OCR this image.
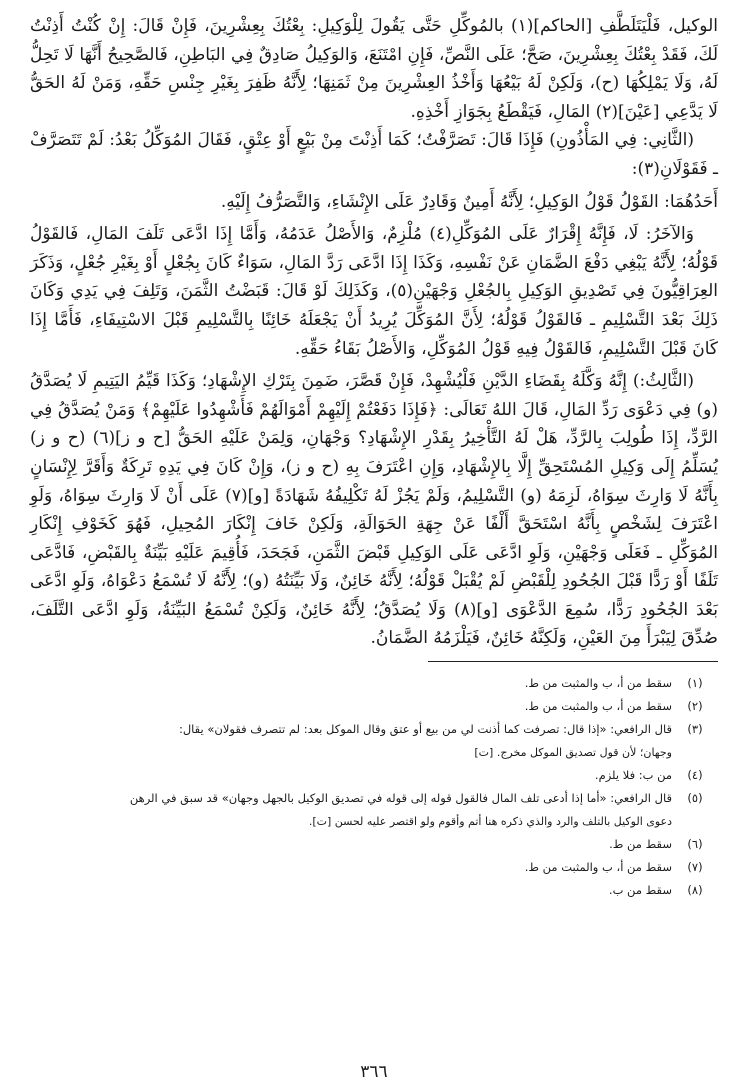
الوكيل، فَلْيَتَلَطَّفِ [الحاكم](١) بالمُوكِّلِ حَتَّى يَقُولَ لِلْوَكِيلِ: بِعْتُكَ بِعِشْرِينَ، فَإِنْ قَالَ: إِنْ كُنْتُ أَذِنْتُ لَكَ، فَقَدْ بِعْتُكَ بِعِشْرِينَ، صَحَّ؛ عَلَى النَّصِّ، فَإِنِ امْتَنَعَ، وَالوَكِيلُ صَادِقٌ فِي البَاطِنِ، فَالصَّحِيحُ أَنَّهَا لَا تَحِلُّ لَهُ، وَلَا يَمْلِكُهَا (ح)، وَلَكِنْ لَهُ بَيْعُهَا وَأَخْذُ العِشْرِينَ مِنْ ثَمَنِهَا؛ لِأَنَّهُ ظَفِرَ بِغَيْرِ جِنْسِ حَقِّهِ، وَمَنْ لَهُ الحَقُّ لَا يَدَّعِي [عَيْنَ](٢) المَالِ، فَيَقْطَعُ بِجَوَازِ أَخْذِهِ.

(الثَّانِي: فِي المَأْذُونِ) فَإِذَا قَالَ: تَصَرَّفْتُ؛ كَمَا أَذِنْتَ مِنْ بَيْعٍ أَوْ عِتْقٍ، فَقَالَ المُوَكِّلُ بَعْدُ: لَمْ تَتَصَرَّفْ ـ فَقَوْلَانِ(٣):

أَحَدُهُمَا: القَوْلُ قَوْلُ الوَكِيلِ؛ لِأَنَّهُ أَمِينٌ وَقَادِرٌ عَلَى الإِنْشَاءِ، وَالتَّصَرُّفُ إِلَيْهِ.

وَالآخَرُ: لَا، فَإِنَّهُ إِقْرَارٌ عَلَى المُوَكِّلِ(٤) مُلْزِمٌ، وَالأَصْلُ عَدَمُهُ، وَأَمَّا إِذَا ادَّعَى تَلَفَ المَالِ، فَالقَوْلُ قَوْلُهُ؛ لِأَنَّهُ يَبْغِي دَفْعَ الضَّمَانِ عَنْ نَفْسِهِ، وَكَذَا إِذَا ادَّعَى رَدَّ المَالِ، سَوَاءٌ كَانَ بِجُعْلٍ أَوْ بِغَيْرِ جُعْلٍ، وَذَكَرَ العِرَاقِيُّونَ فِي تَصْدِيقِ الوَكِيلِ بِالجُعْلِ وَجْهَيْنِ(٥)، وَكَذَلِكَ لَوْ قَالَ: قَبَضْتُ الثَّمَنَ، وَتَلِفَ فِي يَدِي وَكَانَ ذَلِكَ بَعْدَ التَّسْلِيمِ ـ فَالقَوْلُ قَوْلُهُ؛ لِأَنَّ المُوَكِّلَ يُرِيدُ أَنْ يَجْعَلَهُ خَائِنًا بِالتَّسْلِيمِ قَبْلَ الاسْتِيفَاءِ، فَأَمَّا إِذَا كَانَ قَبْلَ التَّسْلِيمِ، فَالقَوْلُ فِيهِ قَوْلُ المُوَكِّلِ، وَالأَصْلُ بَقَاءُ حَقِّهِ.

(الثَّالِثُ:) إِنَّهُ وَكَّلَهُ بِقَضَاءِ الدَّيْنِ فَلْيُشْهِدْ، فَإِنْ قَصَّرَ، ضَمِنَ بِتَرْكِ الإِشْهَادِ؛ وَكَذَا قَيِّمُ اليَتِيمِ لَا يُصَدَّقُ (و) فِي دَعْوَى رَدِّ المَالِ، قَالَ اللهُ تَعَالَى: ﴿فَإِذَا دَفَعْتُمْ إِلَيْهِمْ أَمْوَالَهُمْ فَأَشْهِدُوا عَلَيْهِمْ﴾ وَمَنْ يُصَدَّقُ فِي الرَّدِّ، إِذَا طُولِبَ بِالرَّدِّ، هَلْ لَهُ التَّأْخِيرُ بِقَدْرِ الإِشْهَادِ؟ وَجْهَانِ، وَلِمَنْ عَلَيْهِ الحَقُّ [ح و ز](٦) (ح و ز) يُسَلِّمُ إِلَى وَكِيلِ المُسْتَحِقِّ إِلَّا بِالإِشْهَادِ، وَإِنِ اعْتَرَفَ بِهِ (ح و ز)، وَإِنْ كَانَ فِي يَدِهِ تَرِكَةٌ وَأَقَرَّ لِإِنْسَانٍ بِأَنَّهُ لَا وَارِثَ سِوَاهُ، لَزِمَهُ (و) التَّسْلِيمُ، وَلَمْ يَجُزْ لَهُ تَكْلِيفُهُ شَهَادَةً [و](٧) عَلَى أَنْ لَا وَارِثَ سِوَاهُ، وَلَوِ اعْتَرَفَ لِشَخْصٍ بِأَنَّهُ اسْتَحَقَّ أَلْفًا عَنْ جِهَةِ الحَوَالَةِ، وَلَكِنْ خَافَ إِنْكَارَ المُحِيلِ، فَهُوَ كَخَوْفِ إِنْكَارِ المُوَكِّلِ ـ فَعَلَى وَجْهَيْنِ، وَلَوِ ادَّعَى عَلَى الوَكِيلِ قَبْضَ الثَّمَنِ، فَجَحَدَ، فَأُقِيمَ عَلَيْهِ بَيِّنَةٌ بِالقَبْضِ، فَادَّعَى تَلَفًا أَوْ رَدًّا قَبْلَ الجُحُودِ لِلْقَبْضِ لَمْ يُقْبَلْ قَوْلُهُ؛ لِأَنَّهُ خَائِنٌ، وَلَا بَيِّنَتُهُ (و)؛ لِأَنَّهُ لَا تُسْمَعُ دَعْوَاهُ، وَلَوِ ادَّعَى بَعْدَ الجُحُودِ رَدًّا، سُمِعَ الدَّعْوَى [و](٨) وَلَا يُصَدَّقُ؛ لِأَنَّهُ خَائِنٌ، وَلَكِنْ تُسْمَعُ البَيِّنَةُ، وَلَوِ ادَّعَى التَّلَفَ، صُدِّقَ لِيَبْرَأَ مِنَ العَيْنِ، وَلَكِنَّهُ خَائِنٌ، فَيَلْزَمُهُ الضَّمَانُ.

(١)
سقط من أ، ب والمثبت من ط.
(٢)
سقط من أ، ب والمثبت من ط.
(٣)
قال الرافعي: «إذا قال: تصرفت كما أذنت لي من بيع أو عتق وقال الموكل بعد: لم تتصرف فقولان» يقال:
وجهان؛ لأن قول تصديق الموكل مخرج. [ت]
(٤)
من ب: فلا يلزم.
(٥)
قال الرافعي: «أما إذا أدعى تلف المال فالقول قوله إلى قوله في تصديق الوكيل بالجهل وجهان» قد سبق في الرهن
دعوى الوكيل بالتلف والرد والذي ذكره هنا أتم وأقوم ولو اقتصر عليه لحسن [ت].
(٦)
سقط من ط.
(٧)
سقط من أ، ب والمثبت من ط.
(٨)
سقط من ب.
٣٦٦
